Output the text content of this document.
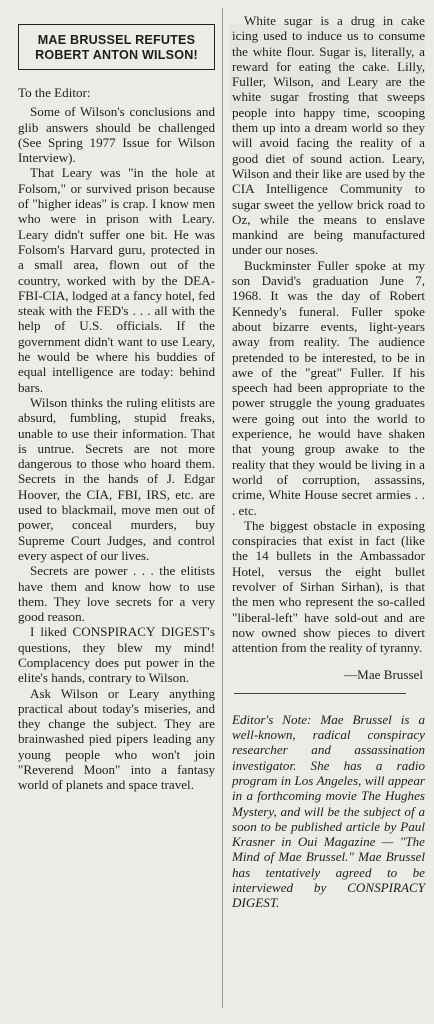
MAE BRUSSEL REFUTES ROBERT ANTON WILSON!
To the Editor:

Some of Wilson's conclusions and glib answers should be challenged (See Spring 1977 Issue for Wilson Interview).

That Leary was "in the hole at Folsom," or survived prison because of "higher ideas" is crap. I know men who were in prison with Leary. Leary didn't suffer one bit. He was Folsom's Harvard guru, protected in a small area, flown out of the country, worked with by the DEA-FBI-CIA, lodged at a fancy hotel, fed steak with the FED's . . . all with the help of U.S. officials. If the government didn't want to use Leary, he would be where his buddies of equal intelligence are today: behind bars.

Wilson thinks the ruling elitists are absurd, fumbling, stupid freaks, unable to use their information. That is untrue. Secrets are not more dangerous to those who hoard them. Secrets in the hands of J. Edgar Hoover, the CIA, FBI, IRS, etc. are used to blackmail, move men out of power, conceal murders, buy Supreme Court Judges, and control every aspect of our lives.

Secrets are power . . . the elitists have them and know how to use them. They love secrets for a very good reason.

I liked CONSPIRACY DIGEST's questions, they blew my mind! Complacency does put power in the elite's hands, contrary to Wilson.

Ask Wilson or Leary anything practical about today's miseries, and they change the subject. They are brainwashed pied pipers leading any young people who won't join "Reverend Moon" into a fantasy world of planets and space travel.

White sugar is a drug in cake icing used to induce us to consume the white flour. Sugar is, literally, a reward for eating the cake. Lilly, Fuller, Wilson, and Leary are the white sugar frosting that sweeps people into happy time, scooping them up into a dream world so they will avoid facing the reality of a good diet of sound action. Leary, Wilson and their like are used by the CIA Intelligence Community to sugar sweet the yellow brick road to Oz, while the means to enslave mankind are being manufactured under our noses.

Buckminster Fuller spoke at my son David's graduation June 7, 1968. It was the day of Robert Kennedy's funeral. Fuller spoke about bizarre events, light-years away from reality. The audience pretended to be interested, to be in awe of the "great" Fuller. If his speech had been appropriate to the power struggle the young graduates were going out into the world to experience, he would have shaken that young group awake to the reality that they would be living in a world of corruption, assassins, crime, White House secret armies . . . etc.

The biggest obstacle in exposing conspiracies that exist in fact (like the 14 bullets in the Ambassador Hotel, versus the eight bullet revolver of Sirhan Sirhan), is that the men who represent the so-called "liberal-left" have sold-out and are now owned show pieces to divert attention from the reality of tyranny.

—Mae Brussel
Editor's Note: Mae Brussel is a well-known, radical conspiracy researcher and assassination investigator. She has a radio program in Los Angeles, will appear in a forthcoming movie The Hughes Mystery, and will be the subject of a soon to be published article by Paul Krasner in Oui Magazine — "The Mind of Mae Brussel." Mae Brussel has tentatively agreed to be interviewed by CONSPIRACY DIGEST.
